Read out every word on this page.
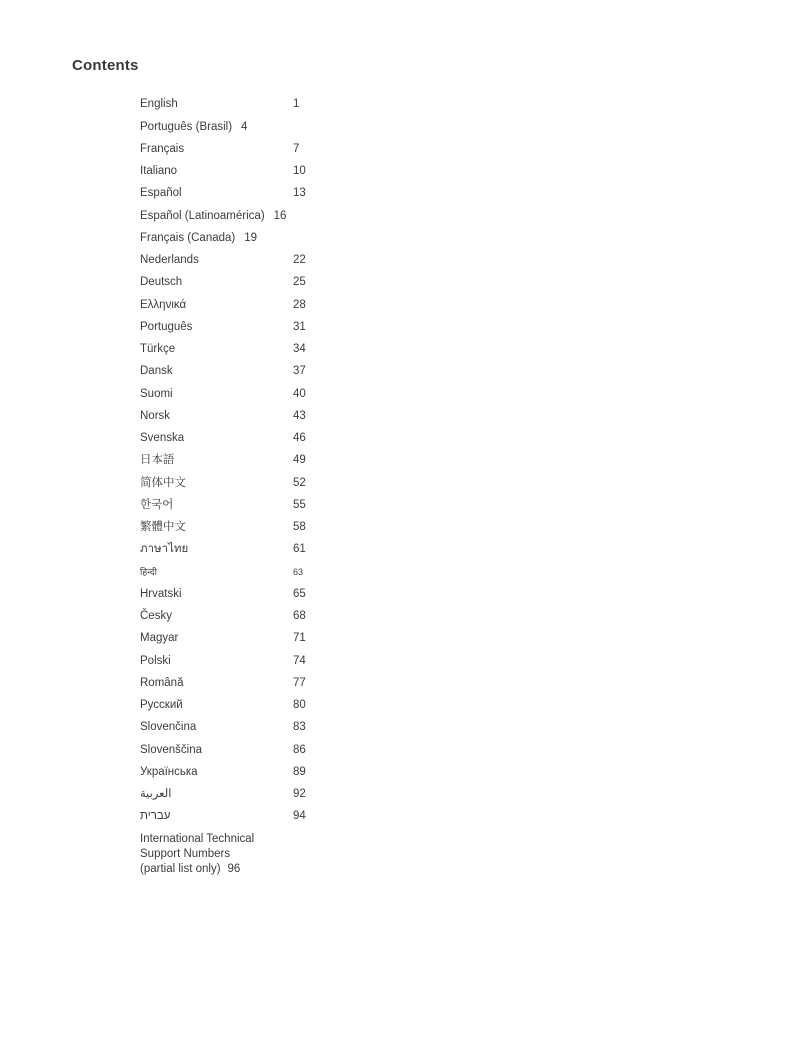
Contents
English	1
Português (Brasil) 4
Français	7
Italiano	10
Español	13
Español (Latinoamérica) 16
Français (Canada) 19
Nederlands	22
Deutsch	25
Ελληνικά	28
Português	31
Türkçe	34
Dansk	37
Suomi	40
Norsk	43
Svenska	46
日本語	49
简体中文	52
한국어	55
繁體中文	58
ภาษาไทย	61
हिन्दी	63
Hrvatski	65
Česky	68
Magyar	71
Polski	74
Română	77
Русский	80
Slovenčina	83
Slovenščina	86
Українська	89
العربية	92
עברית	94
International Technical
Support Numbers
(partial list only) 96
